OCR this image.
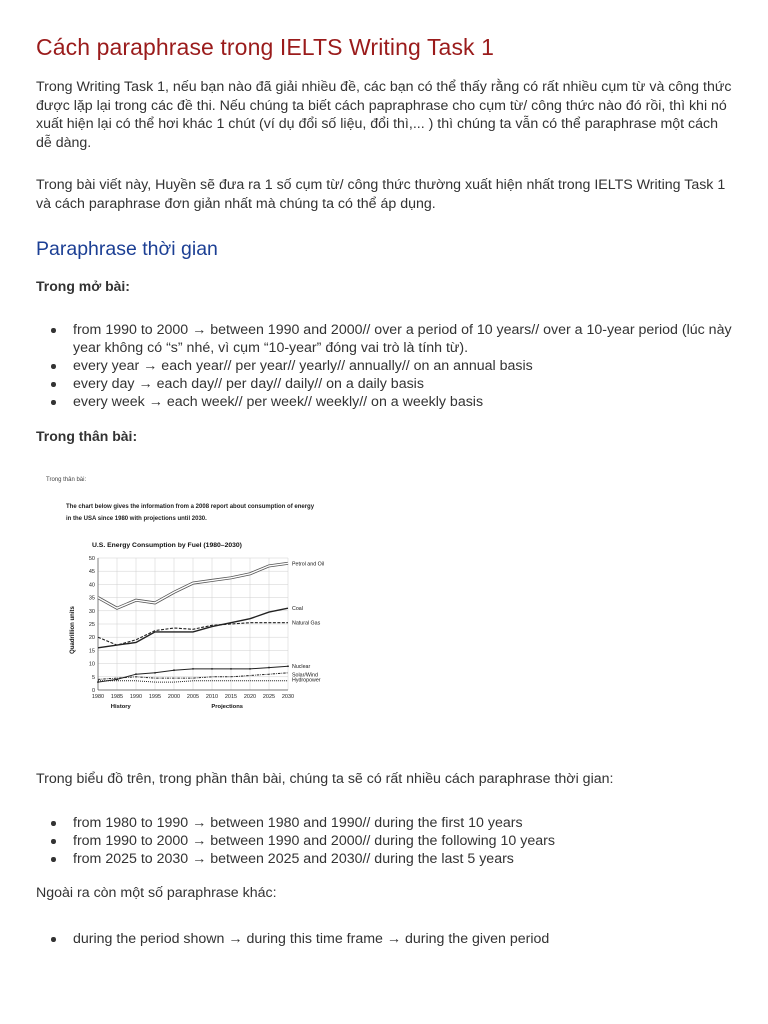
Cách paraphrase trong IELTS Writing Task 1

Trong Writing Task 1, nếu bạn nào đã giải nhiều đề, các bạn có thể thấy rằng có rất nhiều cụm từ và công thức được lặp lại trong các đề thi. Nếu chúng ta biết cách papraphrase cho cụm từ/ công thức nào đó rồi, thì khi nó xuất hiện lại có thể hơi khác 1 chút (ví dụ đổi số liệu, đổi thì,... ) thì chúng ta vẫn có thể paraphrase một cách dễ dàng.

Trong bài viết này, Huyền sẽ đưa ra 1 số cụm từ/ công thức thường xuất hiện nhất trong IELTS Writing Task 1 và cách paraphrase đơn giản nhất mà chúng ta có thể áp dụng.

Paraphrase thời gian

Trong mở bài:

from 1990 to 2000 → between 1990 and 2000// over a period of 10 years// over a 10-year period (lúc này year không có “s” nhé, vì cụm “10-year” đóng vai trò là tính từ).
every year → each year// per year// yearly// annually// on an annual basis
every day → each day// per day// daily// on a daily basis
every week → each week// per week// weekly// on a weekly basis

Trong thân bài:

Trong thân bài:
The chart below gives the information from a 2008 report about consumption of energy in the USA since 1980 with projections until 2030.
U.S. Energy Consumption by Fuel (1980–2030)
Quadrillion units
0
5
10
15
20
25
30
35
40
45
50
1980 1985 1990 1995 2000 2005 2010 2015 2020 2025 2030
History	Projections
Petrol and Oil
Coal
Natural Gas
Nuclear
Solar/Wind
Hydropower

Trong biểu đồ trên, trong phần thân bài, chúng ta sẽ có rất nhiều cách paraphrase thời gian:

from 1980 to 1990 → between 1980 and 1990// during the first 10 years
from 1990 to 2000 → between 1990 and 2000// during the following 10 years
from 2025 to 2030 → between 2025 and 2030// during the last 5 years

Ngoài ra còn một số paraphrase khác:

during the period shown → during this time frame → during the given period
